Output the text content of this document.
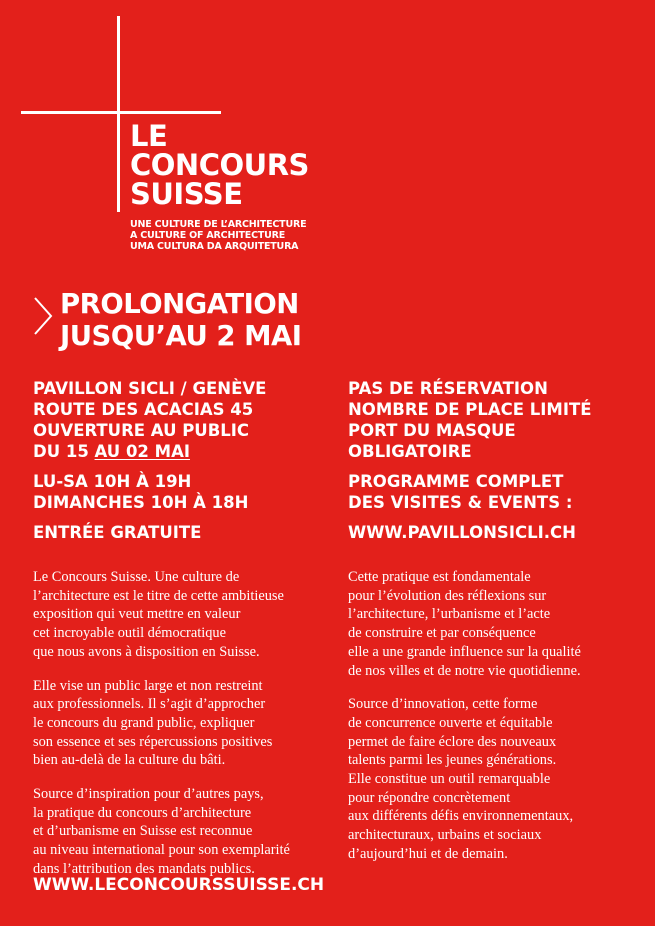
LE
CONCOURS
SUISSE
UNE CULTURE DE L’ARCHITECTURE
A CULTURE OF ARCHITECTURE
UMA CULTURA DA ARQUITETURA
PROLONGATION
JUSQU’AU 2 MAI
PAVILLON SICLI / GENÈVE
ROUTE DES ACACIAS 45
OUVERTURE AU PUBLIC
DU 15 AU 02 MAI
LU-SA 10H À 19H
DIMANCHES 10H À 18H
ENTRÉE GRATUITE
PAS DE RÉSERVATION
NOMBRE DE PLACE LIMITÉ
PORT DU MASQUE
OBLIGATOIRE
PROGRAMME COMPLET
DES VISITES & EVENTS :
WWW.PAVILLONSICLI.CH
Le Concours Suisse. Une culture de
l’architecture est le titre de cette ambitieuse
exposition qui veut mettre en valeur
cet incroyable outil démocratique
que nous avons à disposition en Suisse.
Elle vise un public large et non restreint
aux professionnels. Il s’agit d’approcher
le concours du grand public, expliquer
son essence et ses répercussions positives
bien au-delà de la culture du bâti.
Source d’inspiration pour d’autres pays,
la pratique du concours d’architecture
et d’urbanisme en Suisse est reconnue
au niveau international pour son exemplarité
dans l’attribution des mandats publics.
Cette pratique est fondamentale
pour l’évolution des réflexions sur
l’architecture, l’urbanisme et l’acte
de construire et par conséquence
elle a une grande influence sur la qualité
de nos villes et de notre vie quotidienne.
Source d’innovation, cette forme
de concurrence ouverte et équitable
permet de faire éclore des nouveaux
talents parmi les jeunes générations.
Elle constitue un outil remarquable
pour répondre concrètement
aux différents défis environnementaux,
architecturaux, urbains et sociaux
d’aujourd’hui et de demain.
WWW.LECONCOURSSUISSE.CH
